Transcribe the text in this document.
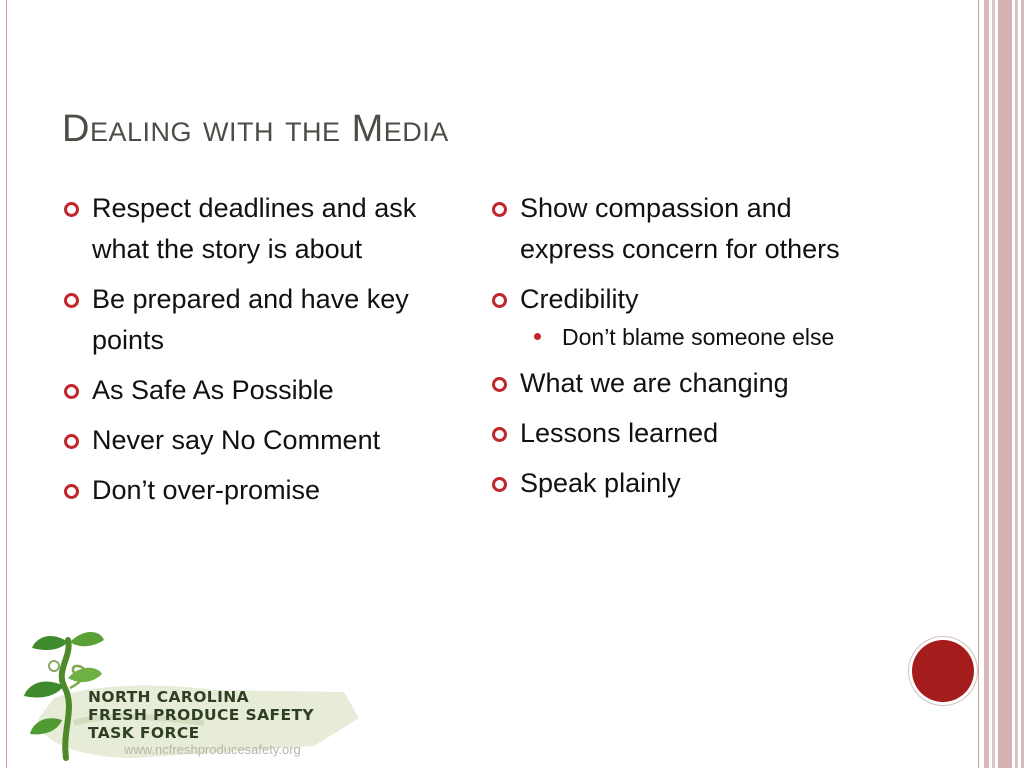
Dealing with the Media
Respect deadlines and ask what the story is about
Be prepared and have key points
As Safe As Possible
Never say No Comment
Don’t over-promise
Show compassion and express concern for others
Credibility
Don’t blame someone else
What we are changing
Lessons learned
Speak plainly
NORTH CAROLINA
FRESH PRODUCE SAFETY
TASK FORCE
www.ncfreshproducesafety.org
